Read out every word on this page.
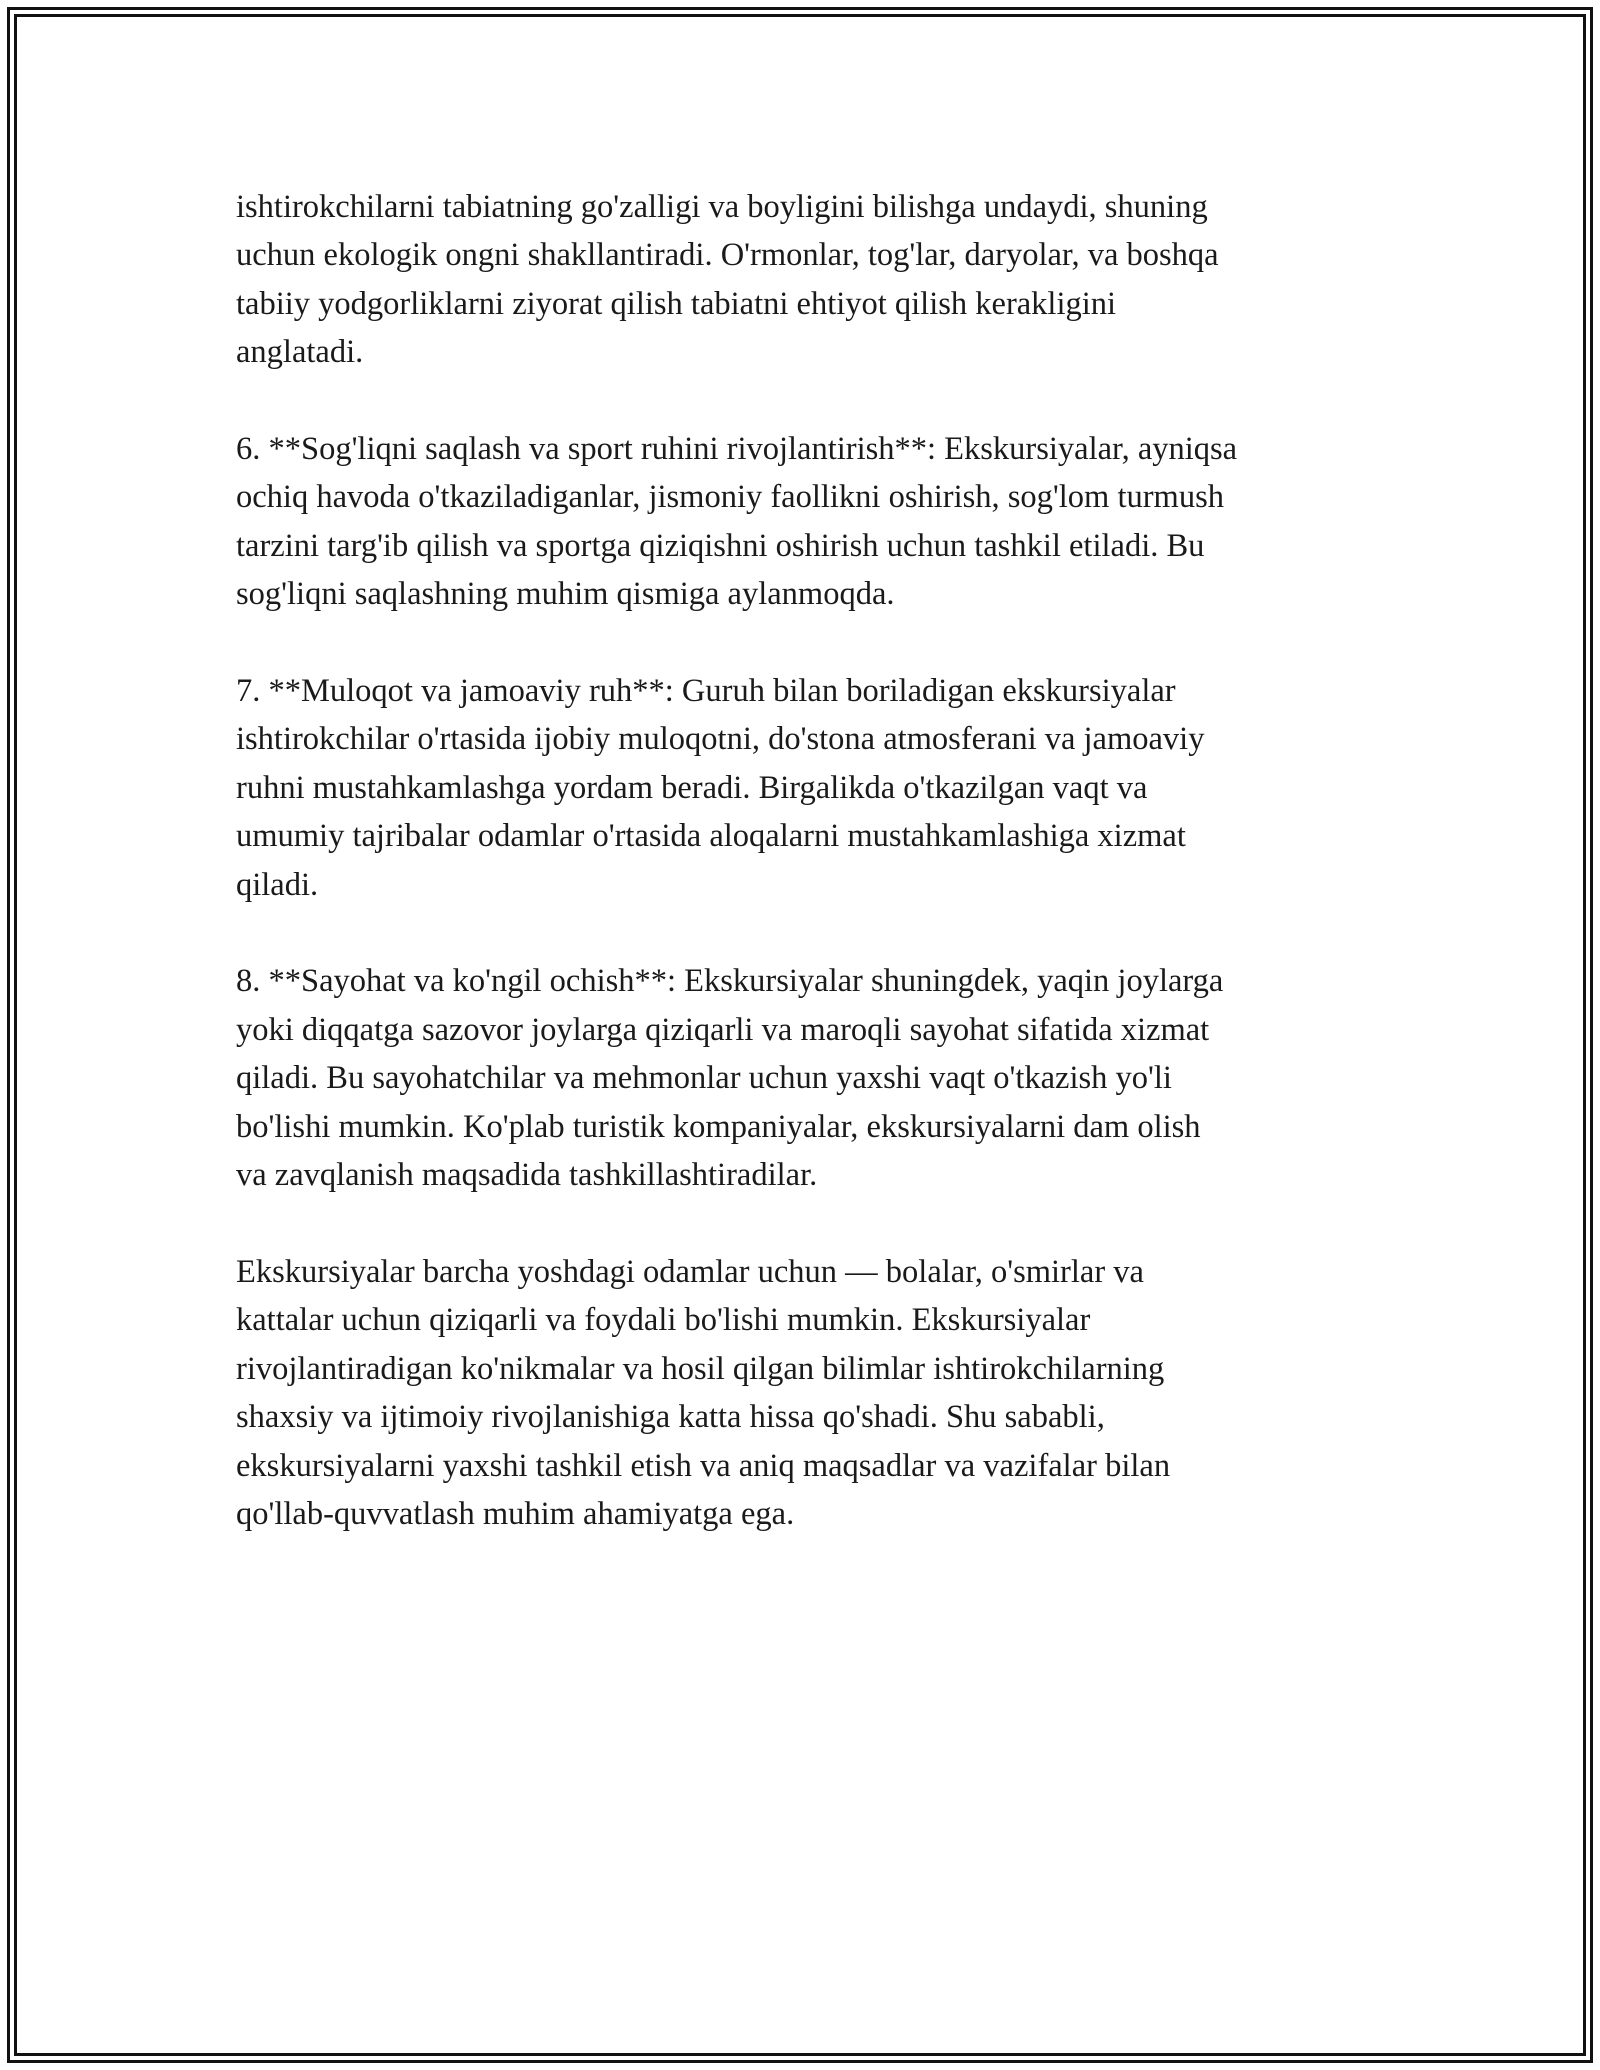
ishtirokchilarni tabiatning go'zalligi va boyligini bilishga undaydi, shuning
uchun ekologik ongni shakllantiradi. O'rmonlar, tog'lar, daryolar, va boshqa
tabiiy yodgorliklarni ziyorat qilish tabiatni ehtiyot qilish kerakligini
anglatadi.

6. **Sog'liqni saqlash va sport ruhini rivojlantirish**: Ekskursiyalar, ayniqsa
ochiq havoda o'tkaziladiganlar, jismoniy faollikni oshirish, sog'lom turmush
tarzini targ'ib qilish va sportga qiziqishni oshirish uchun tashkil etiladi. Bu
sog'liqni saqlashning muhim qismiga aylanmoqda.

7. **Muloqot va jamoaviy ruh**: Guruh bilan boriladigan ekskursiyalar
ishtirokchilar o'rtasida ijobiy muloqotni, do'stona atmosferani va jamoaviy
ruhni mustahkamlashga yordam beradi. Birgalikda o'tkazilgan vaqt va
umumiy tajribalar odamlar o'rtasida aloqalarni mustahkamlashiga xizmat
qiladi.

8. **Sayohat va ko'ngil ochish**: Ekskursiyalar shuningdek, yaqin joylarga
yoki diqqatga sazovor joylarga qiziqarli va maroqli sayohat sifatida xizmat
qiladi. Bu sayohatchilar va mehmonlar uchun yaxshi vaqt o'tkazish yo'li
bo'lishi mumkin. Ko'plab turistik kompaniyalar, ekskursiyalarni dam olish
va zavqlanish maqsadida tashkillashtiradilar.

Ekskursiyalar barcha yoshdagi odamlar uchun — bolalar, o'smirlar va
kattalar uchun qiziqarli va foydali bo'lishi mumkin. Ekskursiyalar
rivojlantiradigan ko'nikmalar va hosil qilgan bilimlar ishtirokchilarning
shaxsiy va ijtimoiy rivojlanishiga katta hissa qo'shadi. Shu sababli,
ekskursiyalarni yaxshi tashkil etish va aniq maqsadlar va vazifalar bilan
qo'llab-quvvatlash muhim ahamiyatga ega.
